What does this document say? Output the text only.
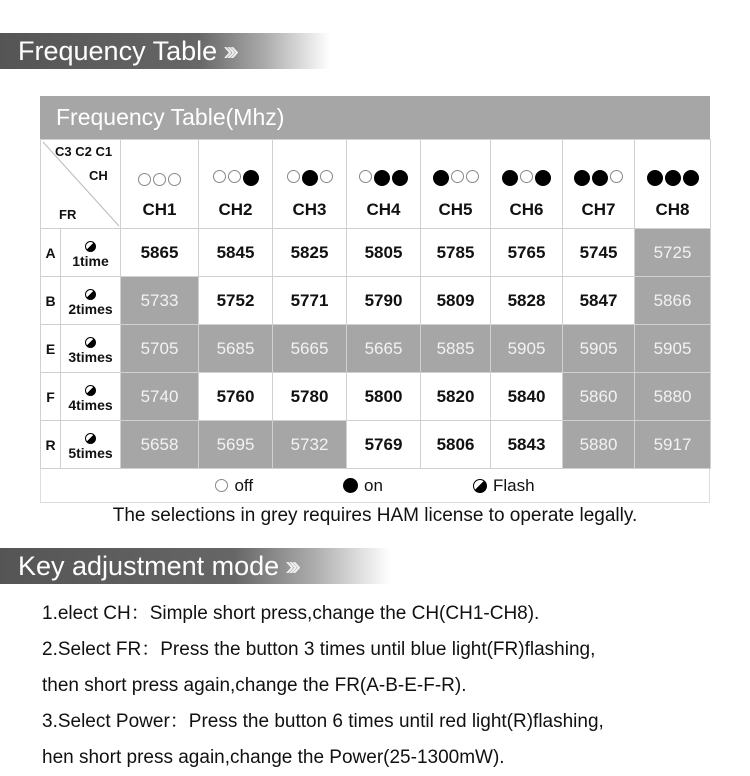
Frequency Table ›››
Frequency Table(Mhz)
C3 C2 C1
CH
FR		CH1	CH2	CH3	CH4	CH5	CH6	CH7	CH8

A	1time	5865	5845	5825	5805	5785	5765	5745	5725
B	2times	5733	5752	5771	5790	5809	5828	5847	5866
E	3times	5705	5685	5665	5665	5885	5905	5905	5905
F	4times	5740	5760	5780	5800	5820	5840	5860	5880
R	5times	5658	5695	5732	5769	5806	5843	5880	5917
off	on	Flash
The selections in grey requires HAM license to operate legally.
Key adjustment mode ›››

1.elect CH：Simple short press,change the CH(CH1-CH8).

2.Select FR：Press the button 3 times until blue light(FR)flashing,

then short press again,change the FR(A-B-E-F-R).

3.Select Power：Press the button 6 times until red light(R)flashing,

hen short press again,change the Power(25-1300mW).
